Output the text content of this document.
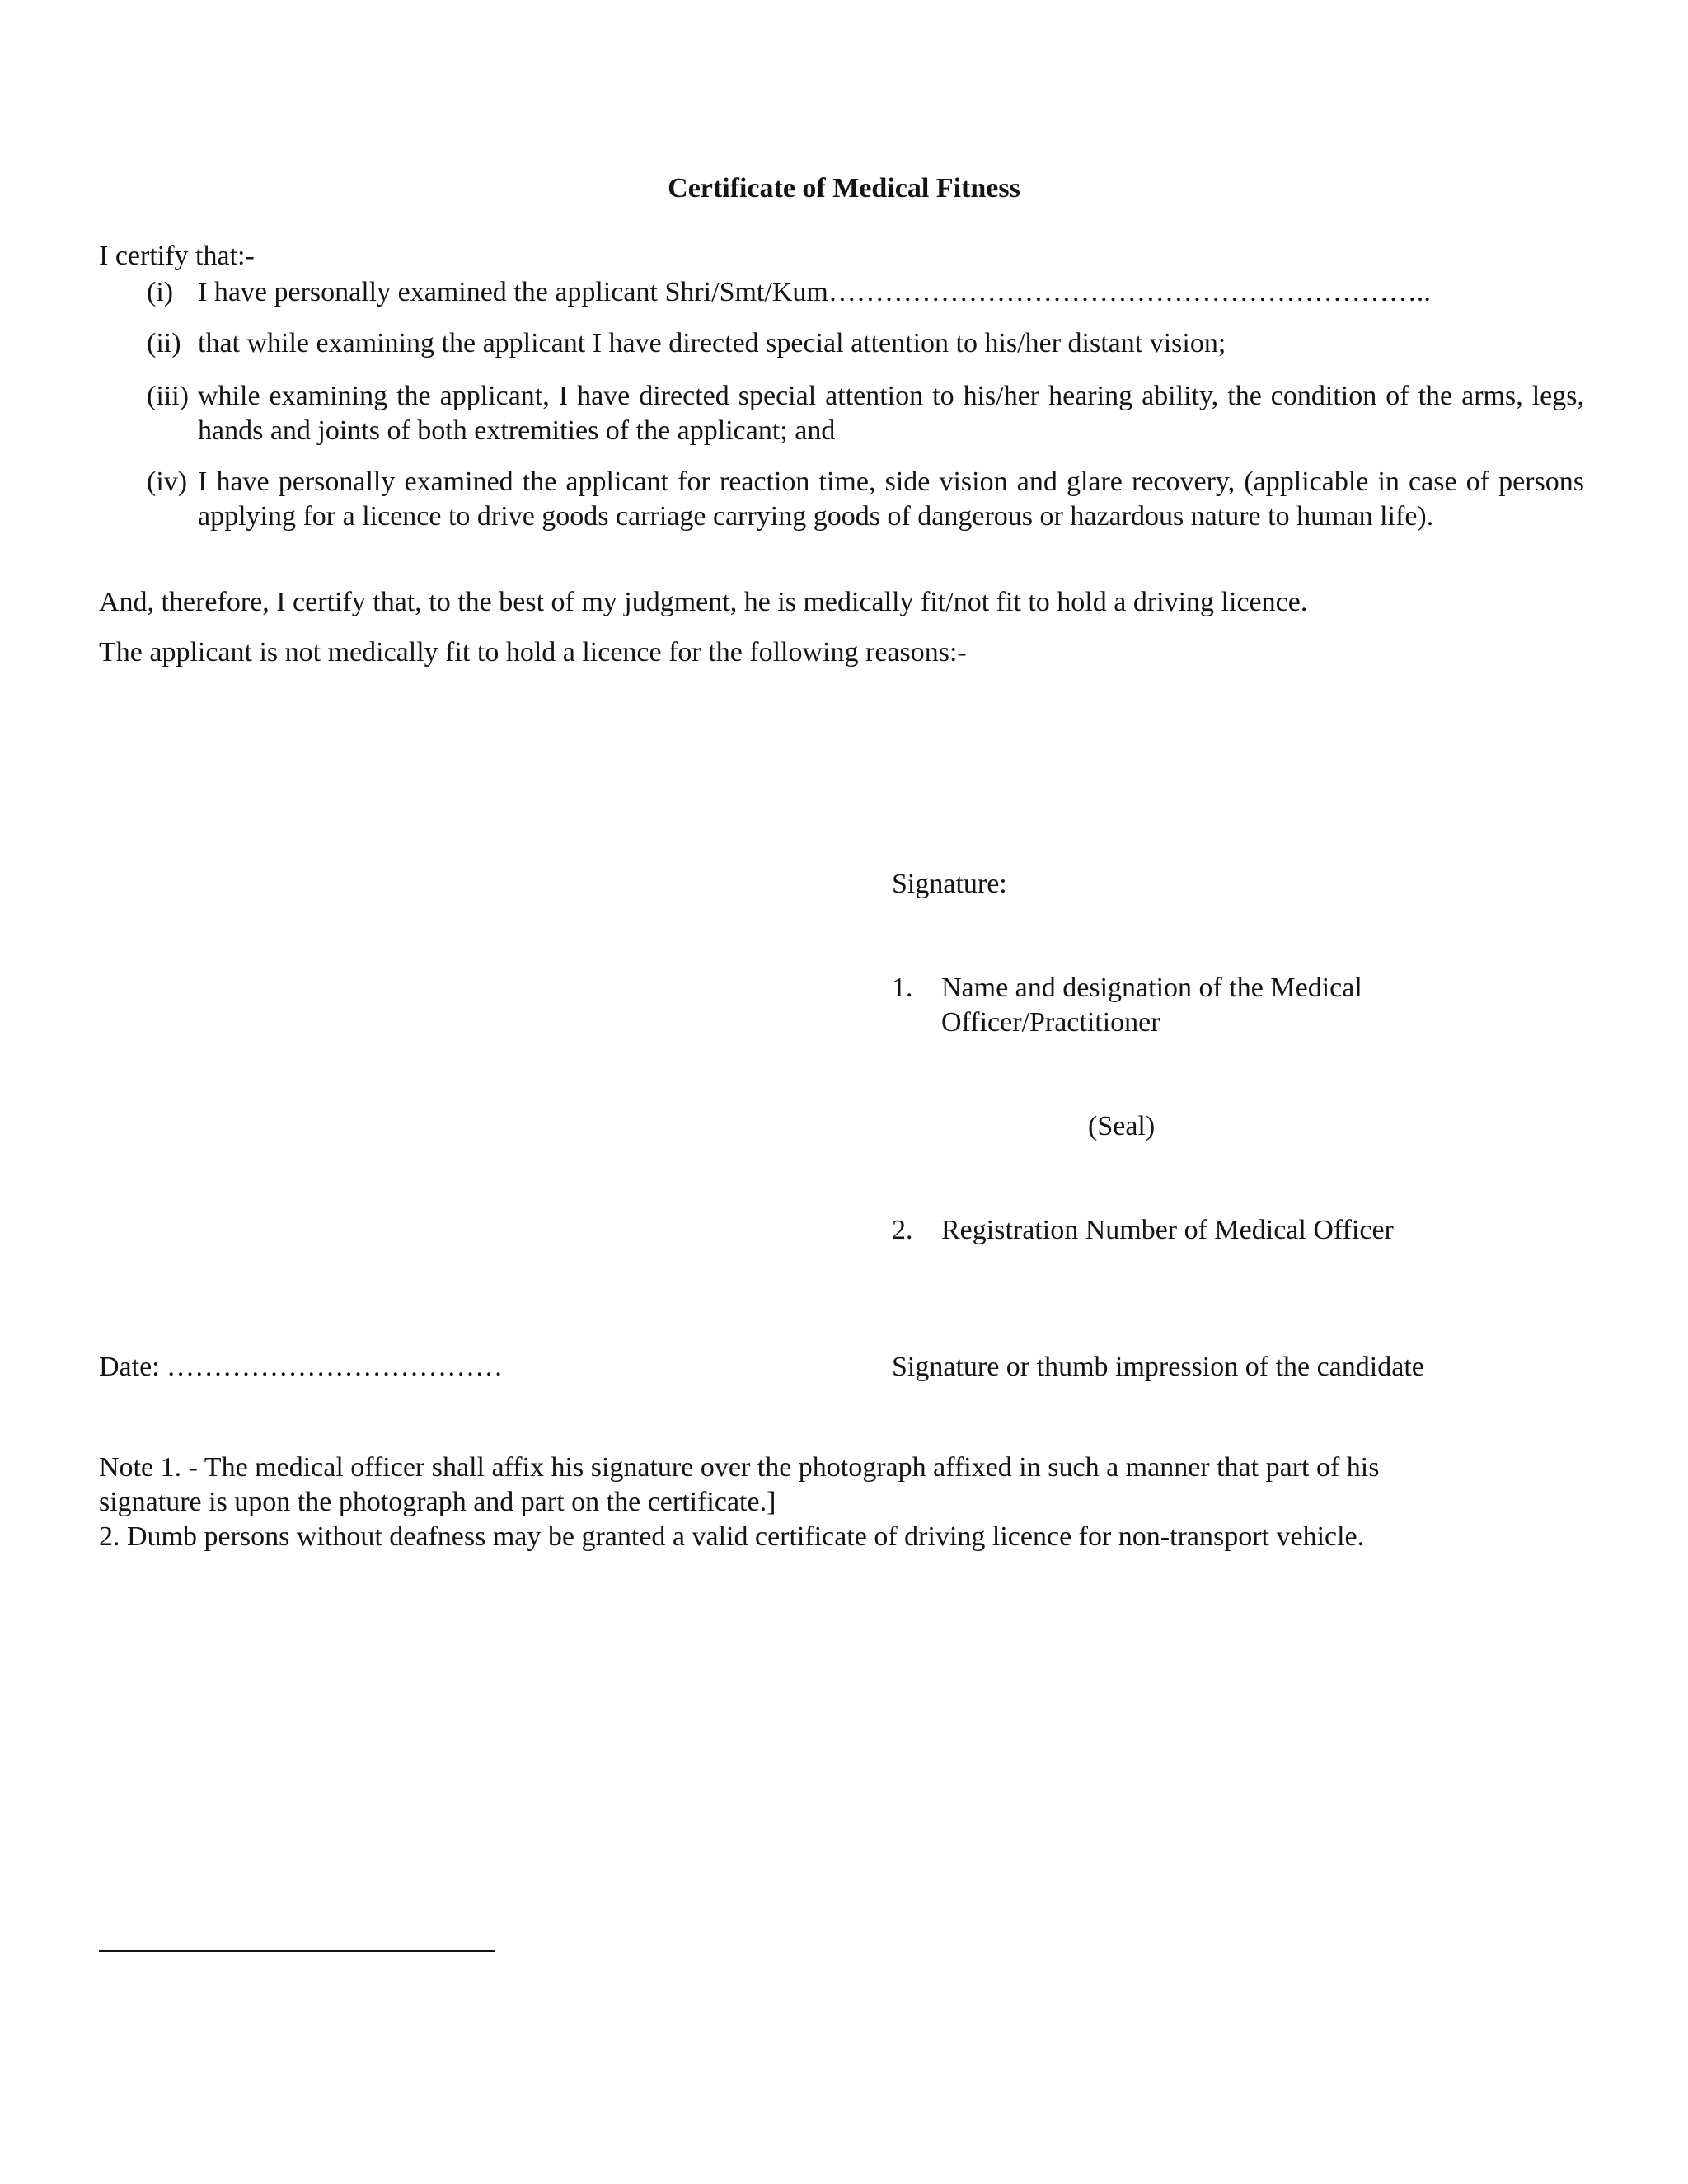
Certificate of Medical Fitness
I certify that:-
(i) I have personally examined the applicant Shri/Smt/Kum………………………………………………………..
(ii) that while examining the applicant I have directed special attention to his/her distant vision;
(iii) while examining the applicant, I have directed special attention to his/her hearing ability, the condition of the arms, legs, hands and joints of both extremities of the applicant; and
(iv) I have personally examined the applicant for reaction time, side vision and glare recovery, (applicable in case of persons applying for a licence to drive goods carriage carrying goods of dangerous or hazardous nature to human life).
And, therefore, I certify that, to the best of my judgment, he is medically fit/not fit to hold a driving licence.
The applicant is not medically fit to hold a licence for the following reasons:-
Signature:
1.	Name and designation of the Medical Officer/Practitioner
(Seal)
2.	Registration Number of Medical Officer
Date: ………………………………	Signature or thumb impression of the candidate
Note 1. - The medical officer shall affix his signature over the photograph affixed in such a manner that part of his
signature is upon the photograph and part on the certificate.]
2. Dumb persons without deafness may be granted a valid certificate of driving licence for non-transport vehicle.
